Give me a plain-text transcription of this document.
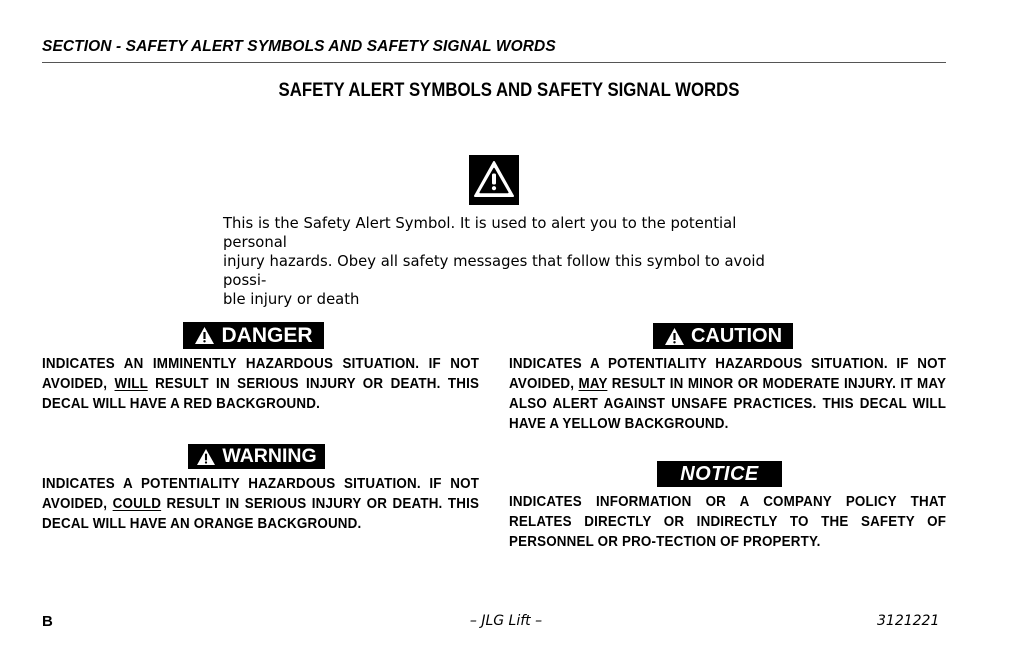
SECTION - SAFETY ALERT SYMBOLS AND SAFETY SIGNAL WORDS
SAFETY ALERT SYMBOLS AND SAFETY SIGNAL WORDS
This is the Safety Alert Symbol. It is used to alert you to the potential personal
injury hazards. Obey all safety messages that follow this symbol to avoid possi-
ble injury or death
DANGER
INDICATES AN IMMINENTLY HAZARDOUS SITUATION. IF NOT AVOIDED, WILL RESULT IN SERIOUS INJURY OR DEATH. THIS DECAL WILL HAVE A RED BACKGROUND.
WARNING
INDICATES A POTENTIALITY HAZARDOUS SITUATION. IF NOT AVOIDED, COULD RESULT IN SERIOUS INJURY OR DEATH. THIS DECAL WILL HAVE AN ORANGE BACKGROUND.
CAUTION
INDICATES A POTENTIALITY HAZARDOUS SITUATION. IF NOT AVOIDED, MAY RESULT IN MINOR OR MODERATE INJURY. IT MAY ALSO ALERT AGAINST UNSAFE PRACTICES. THIS DECAL WILL HAVE A YELLOW BACKGROUND.
NOTICE
INDICATES INFORMATION OR A COMPANY POLICY THAT RELATES DIRECTLY OR INDIRECTLY TO THE SAFETY OF PERSONNEL OR PRO-TECTION OF PROPERTY.
B	– JLG Lift –	3121221
